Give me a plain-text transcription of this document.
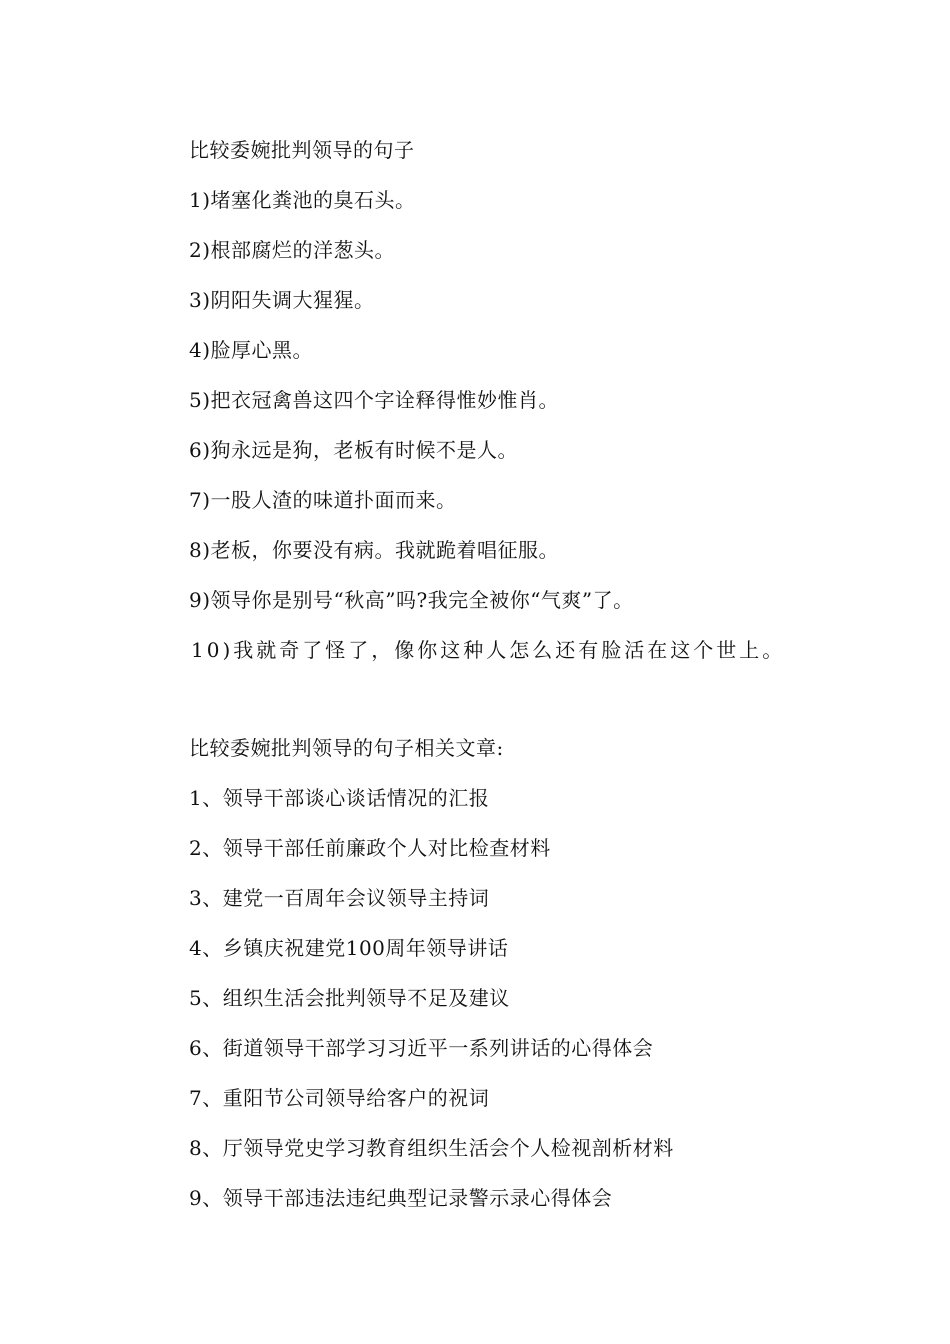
比较委婉批判领导的句子
1)堵塞化粪池的臭石头。
2)根部腐烂的洋葱头。
3)阴阳失调大猩猩。
4)脸厚心黑。
5)把衣冠禽兽这四个字诠释得惟妙惟肖。
6)狗永远是狗，老板有时候不是人。
7)一股人渣的味道扑面而来。
8)老板，你要没有病。我就跪着唱征服。
9)领导你是别号“秋高”吗?我完全被你“气爽”了。
10)我就奇了怪了，像你这种人怎么还有脸活在这个世上。
比较委婉批判领导的句子相关文章:
1、领导干部谈心谈话情况的汇报
2、领导干部任前廉政个人对比检查材料
3、建党一百周年会议领导主持词
4、乡镇庆祝建党100周年领导讲话
5、组织生活会批判领导不足及建议
6、街道领导干部学习习近平一系列讲话的心得体会
7、重阳节公司领导给客户的祝词
8、厅领导党史学习教育组织生活会个人检视剖析材料
9、领导干部违法违纪典型记录警示录心得体会
